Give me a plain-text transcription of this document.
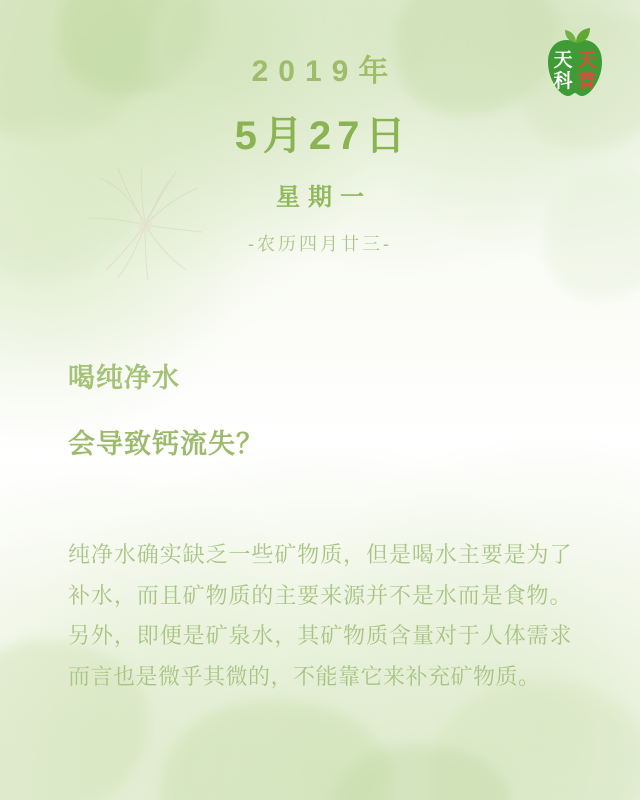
2019年
5月27日
星期一
-农历四月廿三-
天 天
科 普
喝纯净水
会导致钙流失？
纯净水确实缺乏一些矿物质，但是喝水主要是为了补水，而且矿物质的主要来源并不是水而是食物。另外，即便是矿泉水，其矿物质含量对于人体需求而言也是微乎其微的，不能靠它来补充矿物质。
